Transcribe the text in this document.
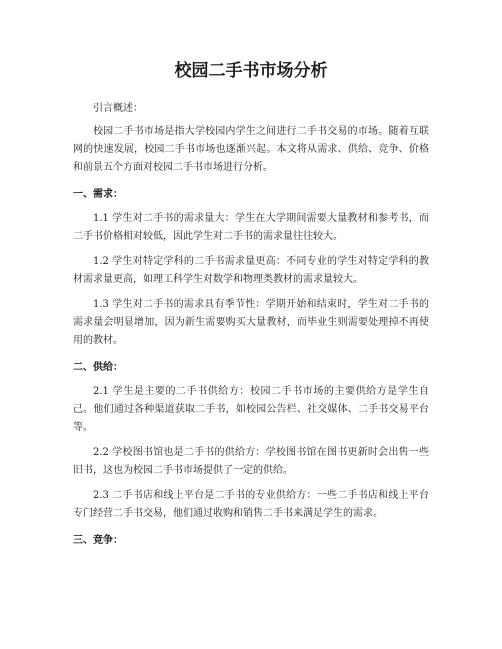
校园二手书市场分析

引言概述：

校园二手书市场是指大学校园内学生之间进行二手书交易的市场。随着互联网的快速发展，校园二手书市场也逐渐兴起。本文将从需求、供给、竞争、价格和前景五个方面对校园二手书市场进行分析。

一、需求：

1.1 学生对二手书的需求量大：学生在大学期间需要大量教材和参考书，而二手书价格相对较低，因此学生对二手书的需求量往往较大。

1.2 学生对特定学科的二手书需求量更高：不同专业的学生对特定学科的教材需求量更高，如理工科学生对数学和物理类教材的需求量较大。

1.3 学生对二手书的需求具有季节性：学期开始和结束时，学生对二手书的需求量会明显增加，因为新生需要购买大量教材，而毕业生则需要处理掉不再使用的教材。

二、供给：

2.1 学生是主要的二手书供给方：校园二手书市场的主要供给方是学生自己。他们通过各种渠道获取二手书，如校园公告栏、社交媒体、二手书交易平台等。

2.2 学校图书馆也是二手书的供给方：学校图书馆在图书更新时会出售一些旧书，这也为校园二手书市场提供了一定的供给。

2.3 二手书店和线上平台是二手书的专业供给方：一些二手书店和线上平台专门经营二手书交易，他们通过收购和销售二手书来满足学生的需求。

三、竞争：
